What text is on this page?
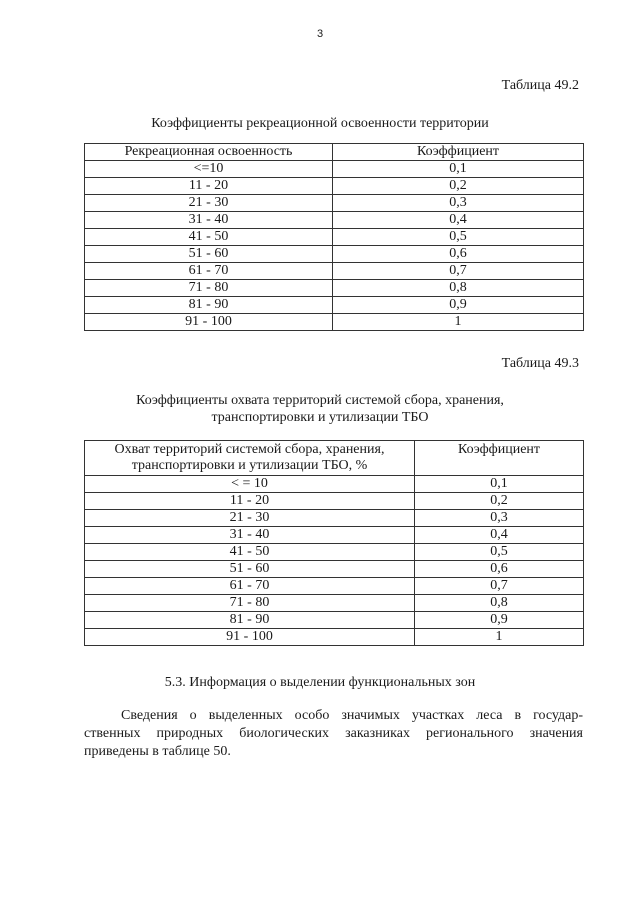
3
Таблица 49.2
Коэффициенты рекреационной освоенности территории
Рекреационная освоенность	Коэффициент
<=10	0,1
11 - 20	0,2
21 - 30	0,3
31 - 40	0,4
41 - 50	0,5
51 - 60	0,6
61 - 70	0,7
71 - 80	0,8
81 - 90	0,9
91 - 100	1
Таблица 49.3
Коэффициенты охвата территорий системой сбора, хранения,
транспортировки и утилизации ТБО
Охват территорий системой сбора, хранения,
транспортировки и утилизации ТБО, %	Коэффициент
< = 10	0,1
11 - 20	0,2
21 - 30	0,3
31 - 40	0,4
41 - 50	0,5
51 - 60	0,6
61 - 70	0,7
71 - 80	0,8
81 - 90	0,9
91 - 100	1
5.3. Информация о выделении функциональных зон
Сведения о выделенных особо значимых участках леса в государ-
ственных природных биологических заказниках регионального значения
приведены в таблице 50.
